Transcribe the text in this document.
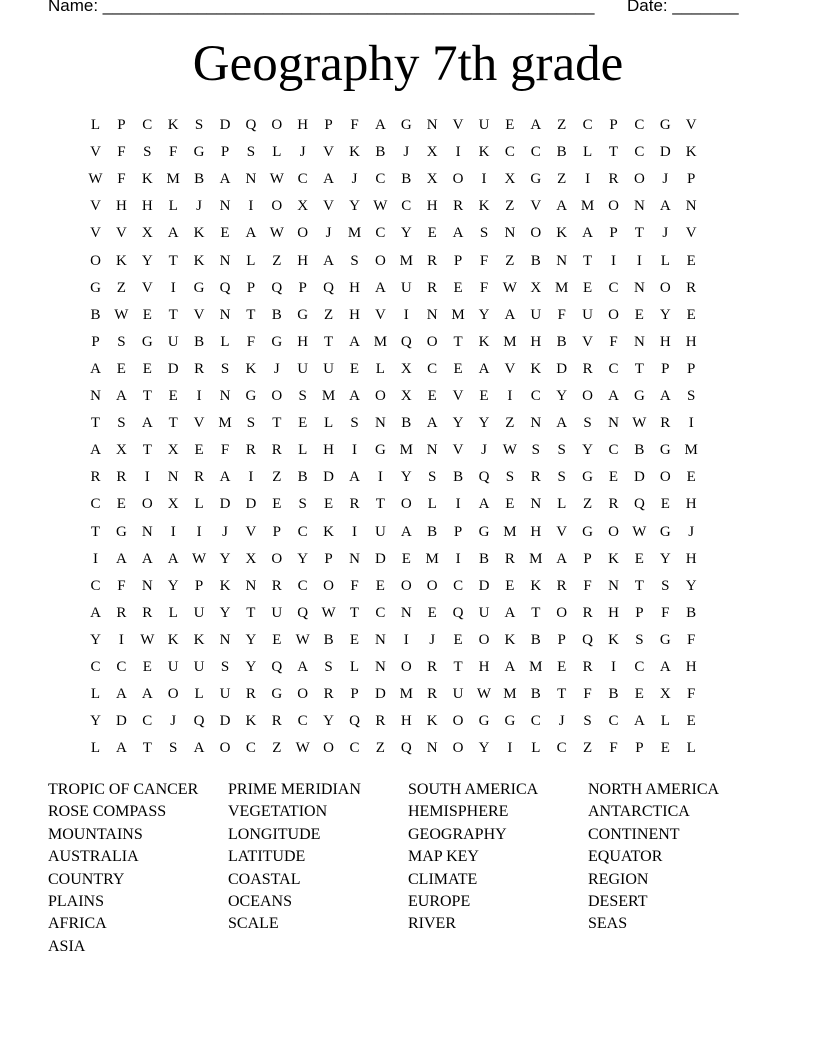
Name: ____________________________________________________

Date: _______

Geography 7th grade
L	P	C	K	S	D	Q	O	H	P	F	A	G	N	V	U	E	A	Z	C	P	C	G	V
V	F	S	F	G	P	S	L	J	V	K	B	J	X	I	K	C	C	B	L	T	C	D	K
W F	K M B	A	N W C	A	J	C	B	X	O	I	X	G	Z	I	R	O	J	P
V	H	H	L	J	N	I	O	X	V	Y W C	H	R	K	Z	V	A M O	N	A	N
V	V	X	A	K	E	A W O	J	M C	Y	E	A	S	N	O	K	A	P	T	J	V
O	K	Y	T	K	N	L	Z	H	A	S	O M R	P	F	Z	B	N	T	I	I	L	E
G	Z	V	I	G	Q	P	Q	P	Q	H	A	U	R	E	F W X M E	C	N	O	R
B W E	T	V	N	T	B	G	Z	H	V	I	N M Y	A	U	F	U	O	E	Y	E
P	S	G	U	B	L	F	G	H	T	A M Q	O	T	K M H	B	V	F	N	H	H
A	E	E	D	R	S	K	J	U	U	E	L	X	C	E	A	V	K	D	R	C	T	P	P
N	A	T	E	I	N	G	O	S	M A	O	X	E	V	E	I	C	Y	O	A	G	A	S
T	S	A	T	V M	S	T	E	L	S	N	B	A	Y	Y	Z	N	A	S	N W R	I
A	X	T	X	E	F	R	R	L	H	I	G M N	V	J	W S	S	Y	C	B	G M
R	R	I	N	R	A	I	Z	B	D	A	I	Y	S	B	Q	S	R	S	G	E	D	O	E
C	E	O	X	L	D	D	E	S	E	R	T	O	L	I	A	E	N	L	Z	R	Q	E	H
T	G	N	I	I	J	V	P	C	K	I	U	A	B	P	G M H	V	G	O W G	J
I	A	A	A W Y	X	O	Y	P	N	D	E M	I	B	R M A	P	K	E	Y	H
C	F	N	Y	P	K	N	R	C	O	F	E	O	O	C	D	E	K	R	F	N	T	S	Y
A	R	R	L	U	Y	T	U	Q W T	C	N	E	Q	U	A	T	O	R	H	P	F	B
Y	I	W K	K	N	Y	E W B	E	N	I	J	E	O	K	B	P	Q	K	S	G	F
C	C	E	U	U	S	Y	Q	A	S	L	N	O	R	T	H	A M E	R	I	C	A	H
L	A	A	O	L	U	R	G	O	R	P	D M R	U W M B	T	F	B	E	X	F
Y	D	C	J	Q	D	K	R	C	Y	Q	R	H	K	O	G	G	C	J	S	C	A	L	E
L	A	T	S	A	O	C	Z W O	C	Z	Q	N	O	Y	I	L	C	Z	F	P	E	L
TROPIC OF CANCER
ROSE COMPASS
MOUNTAINS
AUSTRALIA
COUNTRY
PLAINS
AFRICA
ASIA
PRIME MERIDIAN
VEGETATION
LONGITUDE
LATITUDE
COASTAL
OCEANS
SCALE
SOUTH AMERICA
HEMISPHERE
GEOGRAPHY
MAP KEY
CLIMATE
EUROPE
RIVER
NORTH AMERICA
ANTARCTICA
CONTINENT
EQUATOR
REGION
DESERT
SEAS
